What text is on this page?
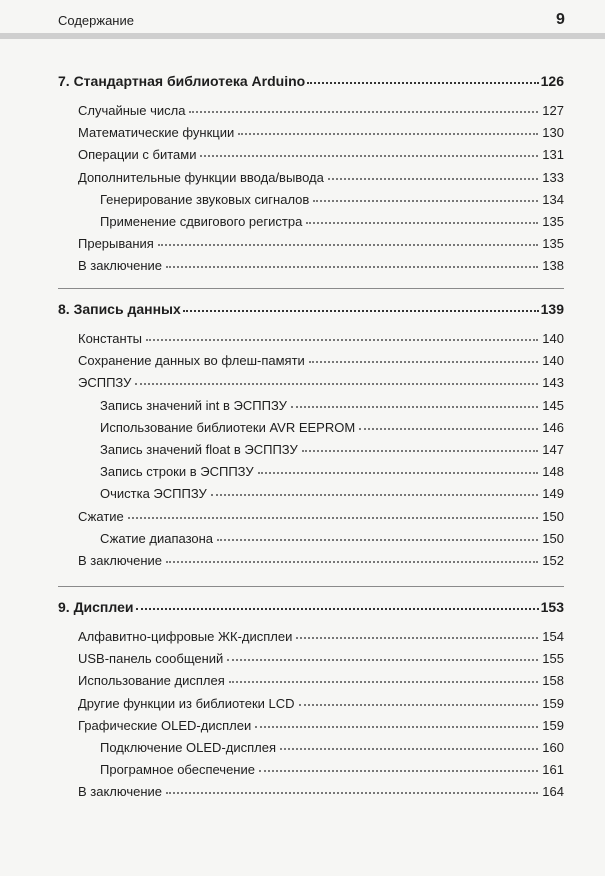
Содержание	9
7. Стандартная библиотека Arduino	126
Случайные числа	127
Математические функции	130
Операции с битами	131
Дополнительные функции ввода/вывода	133
Генерирование звуковых сигналов	134
Применение сдвигового регистра	135
Прерывания	135
В заключение	138
8. Запись данных	139
Константы	140
Сохранение данных во флеш-памяти	140
ЭСППЗУ	143
Запись значений int в ЭСППЗУ	145
Использование библиотеки AVR EEPROM	146
Запись значений float в ЭСППЗУ	147
Запись строки в ЭСППЗУ	148
Очистка ЭСППЗУ	149
Сжатие	150
Сжатие диапазона	150
В заключение	152
9. Дисплеи	153
Алфавитно-цифровые ЖК-дисплеи	154
USB-панель сообщений	155
Использование дисплея	158
Другие функции из библиотеки LCD	159
Графические OLED-дисплеи	159
Подключение OLED-дисплея	160
Програмное обеспечение	161
В заключение	164
